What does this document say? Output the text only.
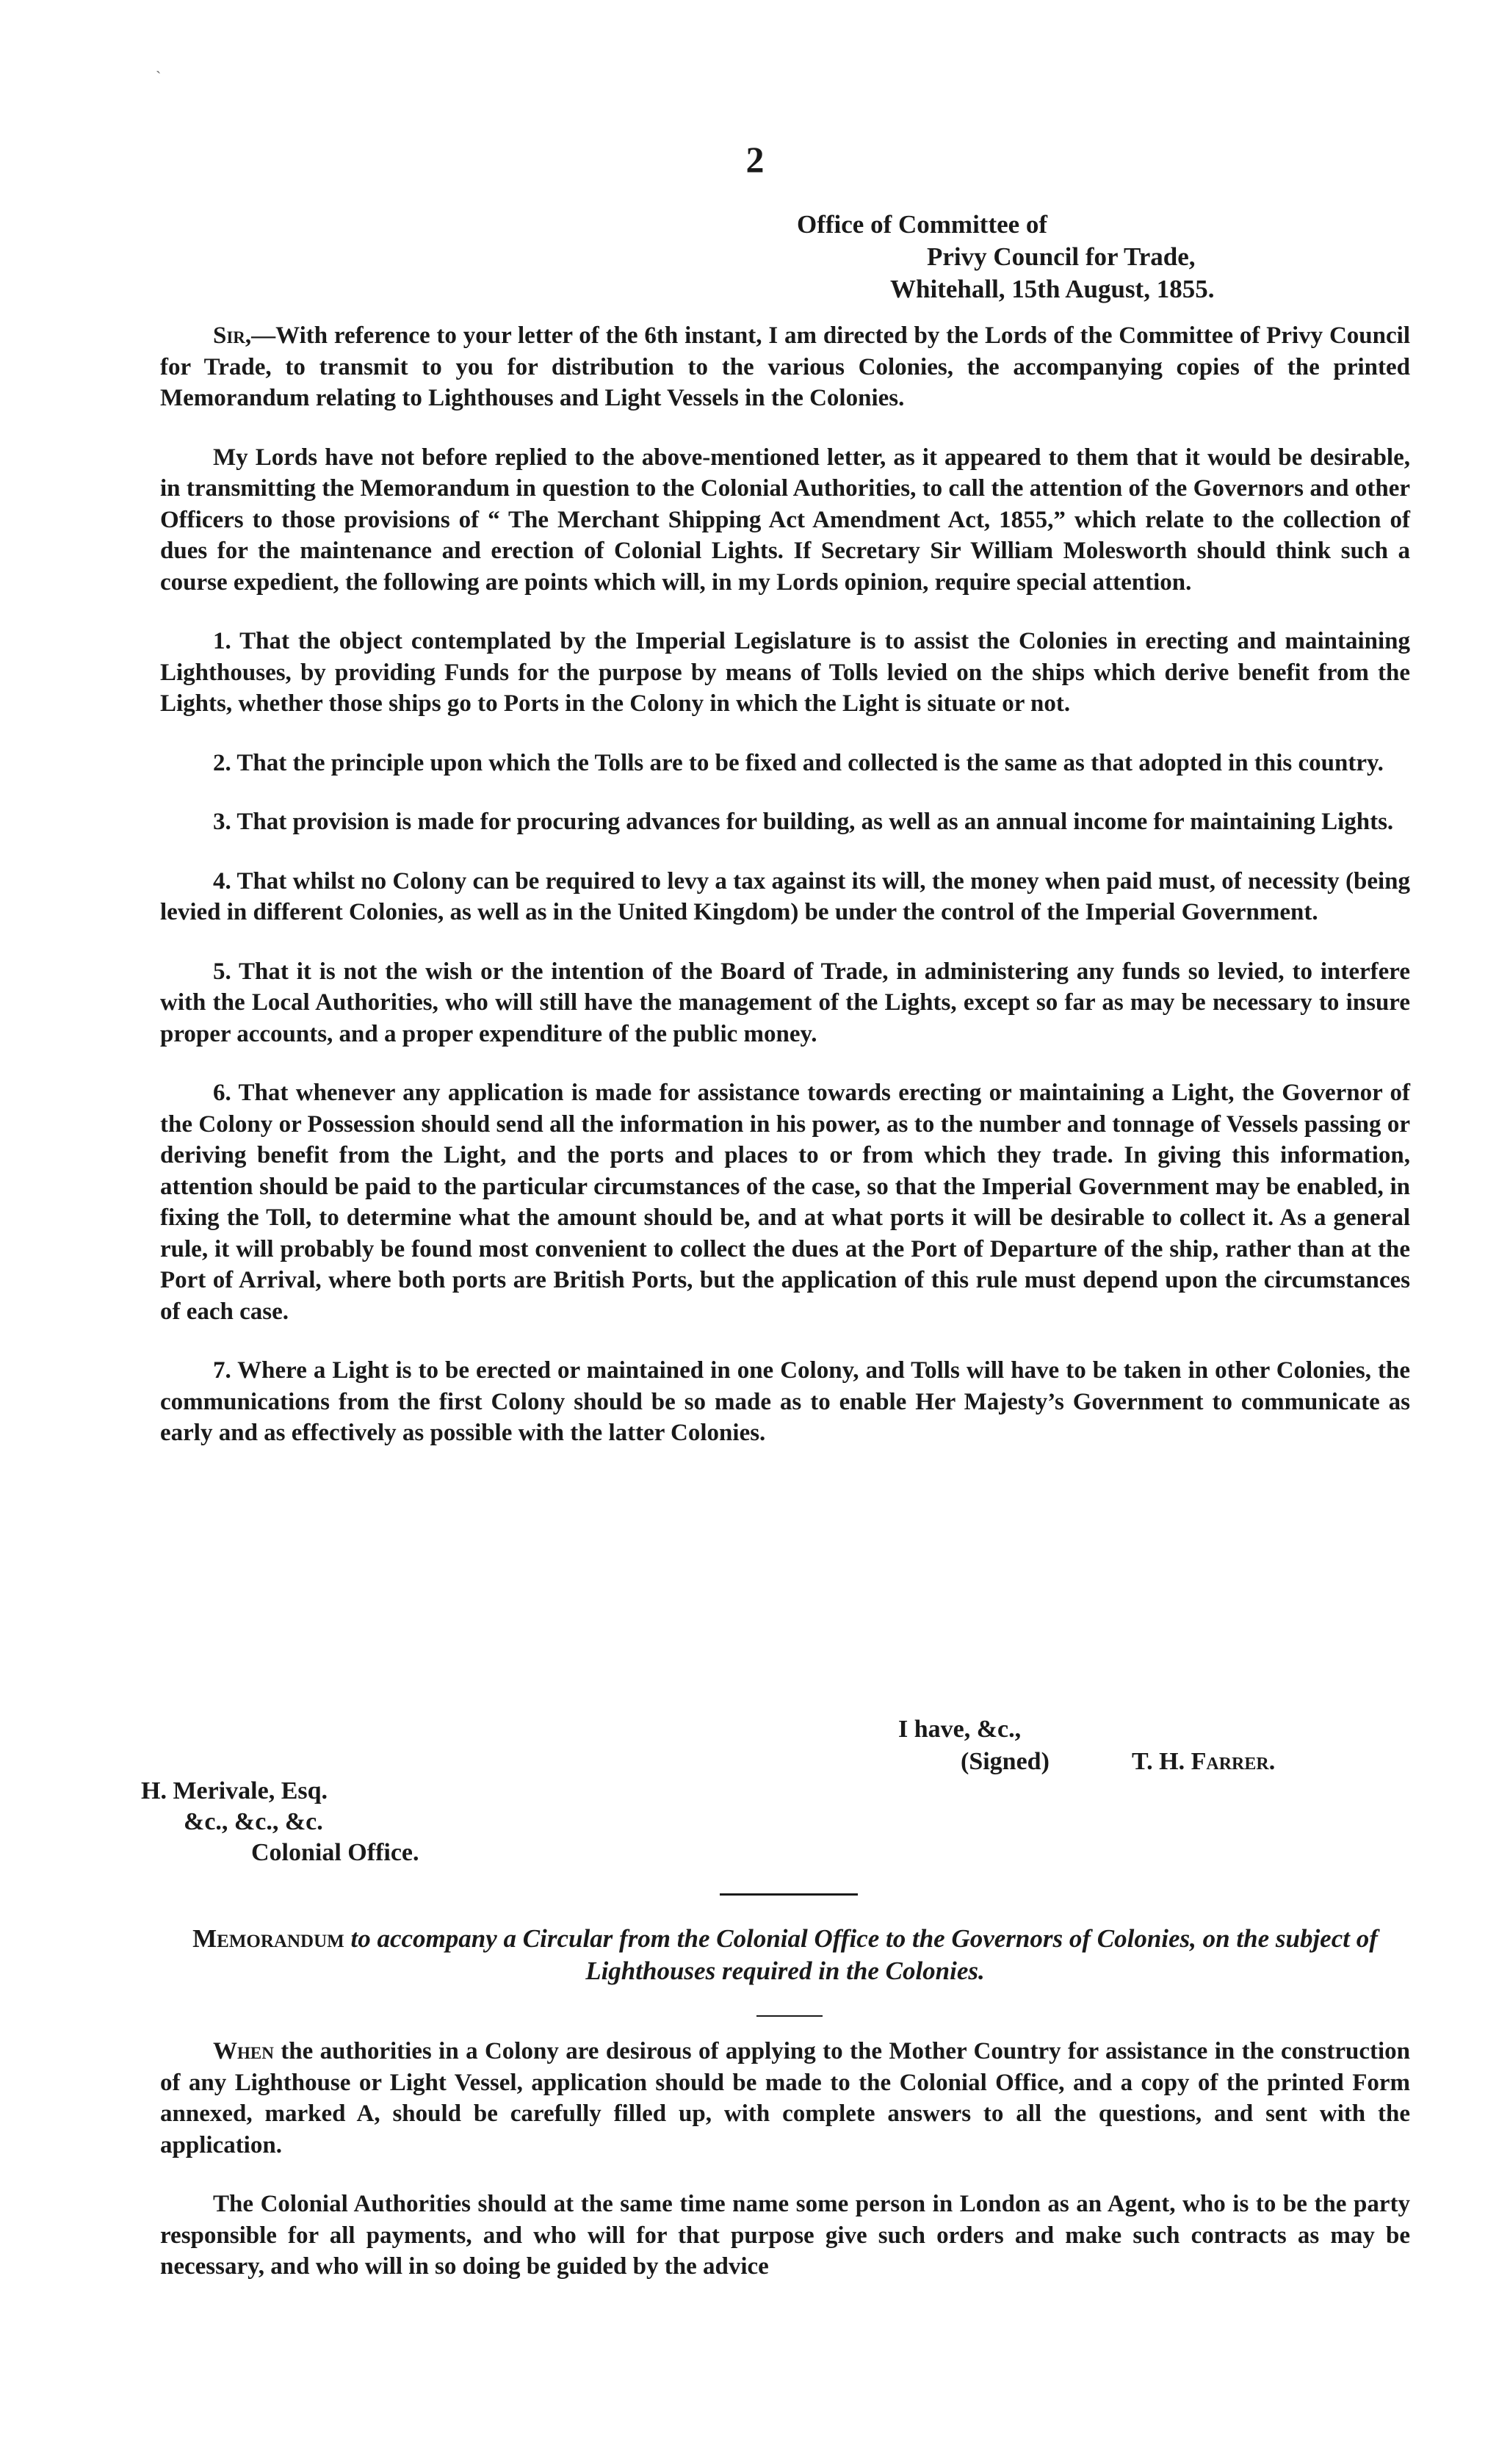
ˋ
2
Office of Committee of
Privy Council for Trade,
Whitehall, 15th August, 1855.

Sir,—With reference to your letter of the 6th instant, I am directed by the Lords of the Committee of Privy Council for Trade, to transmit to you for distribution to the various Colonies, the accompanying copies of the printed Memorandum relating to Lighthouses and Light Vessels in the Colonies.

My Lords have not before replied to the above-mentioned letter, as it appeared to them that it would be desirable, in transmitting the Memorandum in question to the Colonial Authorities, to call the attention of the Governors and other Officers to those provisions of “ The Merchant Shipping Act Amendment Act, 1855,” which relate to the collection of dues for the maintenance and erection of Colonial Lights. If Secretary Sir William Molesworth should think such a course expedient, the following are points which will, in my Lords opinion, require special attention.

1. That the object contemplated by the Imperial Legislature is to assist the Colonies in erecting and maintaining Lighthouses, by providing Funds for the purpose by means of Tolls levied on the ships which derive benefit from the Lights, whether those ships go to Ports in the Colony in which the Light is situate or not.

2. That the principle upon which the Tolls are to be fixed and collected is the same as that adopted in this country.

3. That provision is made for procuring advances for building, as well as an annual income for maintaining Lights.

4. That whilst no Colony can be required to levy a tax against its will, the money when paid must, of necessity (being levied in different Colonies, as well as in the United Kingdom) be under the control of the Imperial Government.

5. That it is not the wish or the intention of the Board of Trade, in administering any funds so levied, to interfere with the Local Authorities, who will still have the management of the Lights, except so far as may be necessary to insure proper accounts, and a proper expenditure of the public money.

6. That whenever any application is made for assistance towards erecting or maintaining a Light, the Governor of the Colony or Possession should send all the information in his power, as to the number and tonnage of Vessels passing or deriving benefit from the Light, and the ports and places to or from which they trade. In giving this information, attention should be paid to the particular circumstances of the case, so that the Imperial Government may be enabled, in fixing the Toll, to determine what the amount should be, and at what ports it will be desirable to collect it. As a general rule, it will probably be found most convenient to collect the dues at the Port of Departure of the ship, rather than at the Port of Arrival, where both ports are British Ports, but the application of this rule must depend upon the circumstances of each case.

7. Where a Light is to be erected or maintained in one Colony, and Tolls will have to be taken in other Colonies, the communications from the first Colony should be so made as to enable Her Majesty’s Government to communicate as early and as effectively as possible with the latter Colonies.

I have, &c.,
(Signed)	T. H. Farrer.
H. Merivale, Esq.
&c., &c., &c.
Colonial Office.
Memorandum to accompany a Circular from the Colonial Office to the Governors of Colonies, on the subject of Lighthouses required in the Colonies.

When the authorities in a Colony are desirous of applying to the Mother Country for assistance in the construction of any Lighthouse or Light Vessel, application should be made to the Colonial Office, and a copy of the printed Form annexed, marked A, should be carefully filled up, with complete answers to all the questions, and sent with the application.

The Colonial Authorities should at the same time name some person in London as an Agent, who is to be the party responsible for all payments, and who will for that purpose give such orders and make such contracts as may be necessary, and who will in so doing be guided by the advice
